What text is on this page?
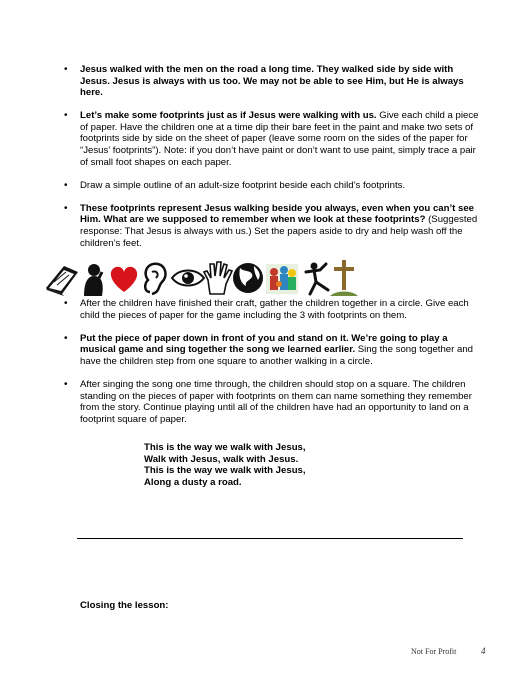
• Jesus walked with the men on the road a long time. They walked side by side with Jesus. Jesus is always with us too. We may not be able to see Him, but He is always here.
• Let’s make some footprints just as if Jesus were walking with us. Give each child a piece of paper. Have the children one at a time dip their bare feet in the paint and make two sets of footprints side by side on the sheet of paper (leave some room on the sides of the paper for “Jesus’ footprints”). Note: if you don’t have paint or don’t want to use paint, simply trace a pair of small foot shapes on each paper.
• Draw a simple outline of an adult-size footprint beside each child’s footprints.
• These footprints represent Jesus walking beside you always, even when you can’t see Him. What are we supposed to remember when we look at these footprints? (Suggested response: That Jesus is always with us.) Set the papers aside to dry and help wash off the children’s feet.
• After the children have finished their craft, gather the children together in a circle. Give each child the pieces of paper for the game including the 3 with footprints on them.
• Put the piece of paper down in front of you and stand on it. We’re going to play a musical game and sing together the song we learned earlier. Sing the song together and have the children step from one square to another walking in a circle.
• After singing the song one time through, the children should stop on a square. The children standing on the pieces of paper with footprints on them can name something they remember from the story. Continue playing until all of the children have had an opportunity to land on a footprint square of paper.
This is the way we walk with Jesus,
Walk with Jesus, walk with Jesus.
This is the way we walk with Jesus,
Along a dusty a road.
Closing the lesson:
Not For Profit	4
